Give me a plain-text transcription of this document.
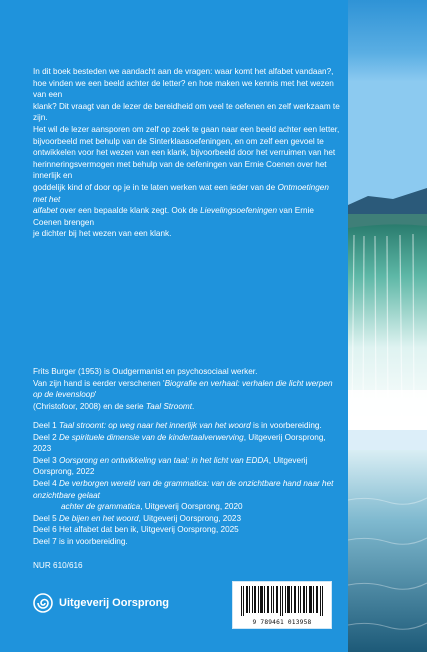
In dit boek besteden we aandacht aan de vragen: waar komt het alfabet vandaan?,

hoe vinden we een beeld achter de letter? en hoe maken we kennis met het wezen van een

klank? Dit vraagt van de lezer de bereidheid om veel te oefenen en zelf werkzaam te zijn.

Het wil de lezer aansporen om zelf op zoek te gaan naar een beeld achter een letter,

bijvoorbeeld met behulp van de Sinterklaasoefeningen, en om zelf een gevoel te

ontwikkelen voor het wezen van een klank, bijvoorbeeld door het verruimen van het

herinneringsvermogen met behulp van de oefeningen van Ernie Coenen over het innerlijk en

goddelijk kind of door op je in te laten werken wat een ieder van de Ontmoetingen met het

alfabet over een bepaalde klank zegt. Ook de Lievelingsoefeningen van Ernie Coenen brengen

je dichter bij het wezen van een klank.

Frits Burger (1953) is Oudgermanist en psychosociaal werker.

Van zijn hand is eerder verschenen 'Biografie en verhaal: verhalen die licht werpen op de levensloop'

(Christofoor, 2008) en de serie Taal Stroomt.

Deel 1 Taal stroomt: op weg naar het innerlijk van het woord is in voorbereiding.

Deel 2 De spirituele dimensie van de kindertaalverwerving, Uitgeverij Oorsprong, 2023

Deel 3 Oorsprong en ontwikkeling van taal: in het licht van EDDA, Uitgeverij Oorsprong, 2022

Deel 4 De verborgen wereld van de grammatica: van de onzichtbare hand naar het onzichtbare gelaat
achter de grammatica, Uitgeverij Oorsprong, 2020

Deel 5 De bijen en het woord, Uitgeverij Oorsprong, 2023

Deel 6 Het alfabet dat ben ik, Uitgeverij Oorsprong, 2025

Deel 7 is in voorbereiding.

NUR 610/616
Uitgeverij Oorsprong
9 789461 013958
